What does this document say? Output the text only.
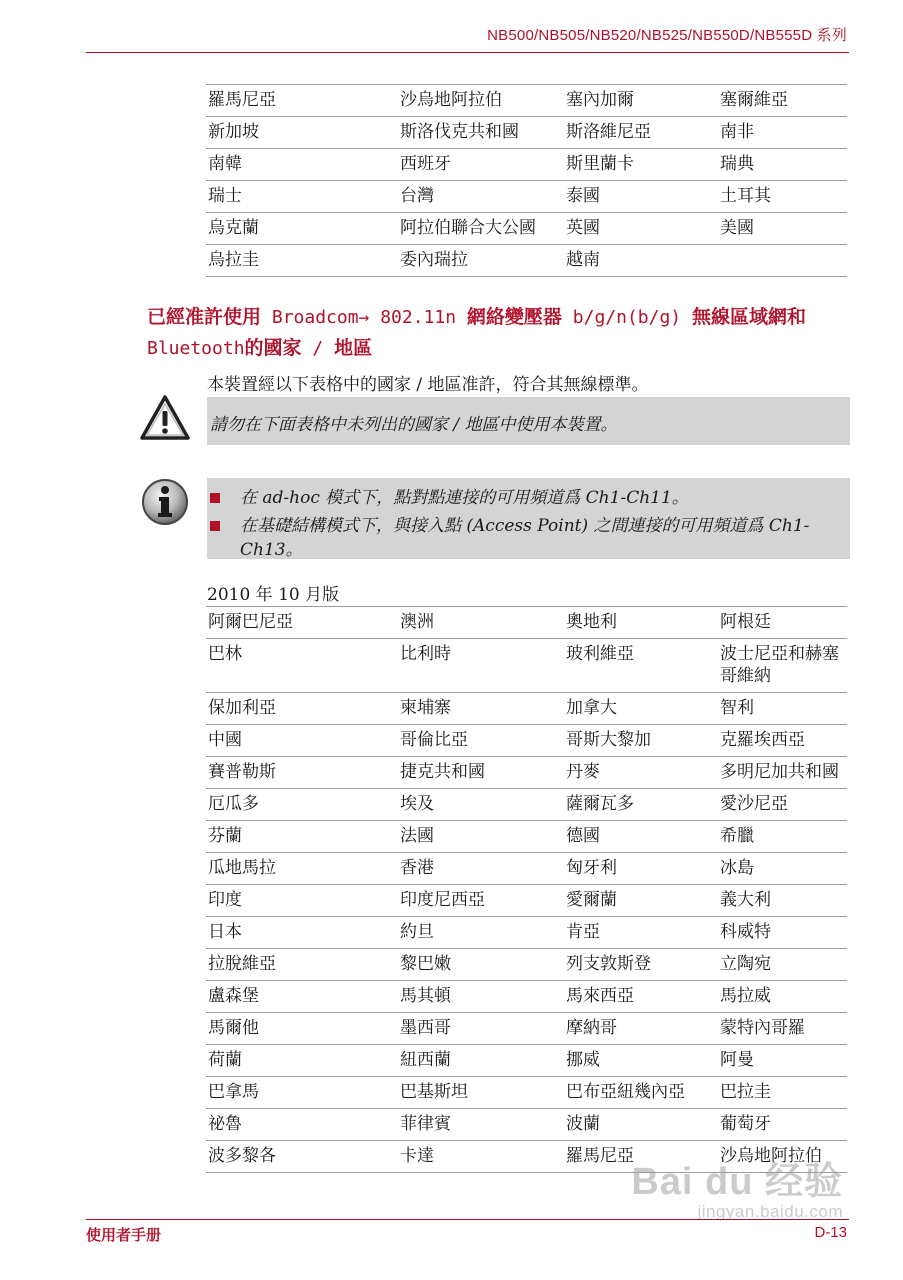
NB500/NB505/NB520/NB525/NB550D/NB555D 系列
羅馬尼亞	沙烏地阿拉伯	塞內加爾	塞爾維亞
新加坡	斯洛伐克共和國	斯洛維尼亞	南非
南韓	西班牙	斯里蘭卡	瑞典
瑞士	台灣	泰國	土耳其
烏克蘭	阿拉伯聯合大公國	英國	美國
烏拉圭	委內瑞拉	越南	
已經准許使用 Broadcom→ 802.11n 網絡變壓器 b/g/n(b/g) 無線區域網和
Bluetooth的國家 / 地區
本裝置經以下表格中的國家 / 地區准許，符合其無線標準。
請勿在下面表格中未列出的國家 / 地區中使用本裝置。
在 ad-hoc 模式下，點對點連接的可用頻道爲 Ch1-Ch11。
在基礎結構模式下，與接入點 (Access Point) 之間連接的可用頻道爲 Ch1-Ch13。
2010 年 10 月版
阿爾巴尼亞	澳洲	奧地利	阿根廷
巴林	比利時	玻利維亞	波士尼亞和赫塞哥維納
保加利亞	柬埔寨	加拿大	智利
中國	哥倫比亞	哥斯大黎加	克羅埃西亞
賽普勒斯	捷克共和國	丹麥	多明尼加共和國
厄瓜多	埃及	薩爾瓦多	愛沙尼亞
芬蘭	法國	德國	希臘
瓜地馬拉	香港	匈牙利	冰島
印度	印度尼西亞	愛爾蘭	義大利
日本	約旦	肯亞	科威特
拉脫維亞	黎巴嫩	列支敦斯登	立陶宛
盧森堡	馬其頓	馬來西亞	馬拉威
馬爾他	墨西哥	摩納哥	蒙特內哥羅
荷蘭	紐西蘭	挪威	阿曼
巴拿馬	巴基斯坦	巴布亞紐幾內亞	巴拉圭
祕魯	菲律賓	波蘭	葡萄牙
波多黎各	卡達	羅馬尼亞	沙烏地阿拉伯
Bai du 经验
jingyan.baidu.com
使用者手册	D-13
